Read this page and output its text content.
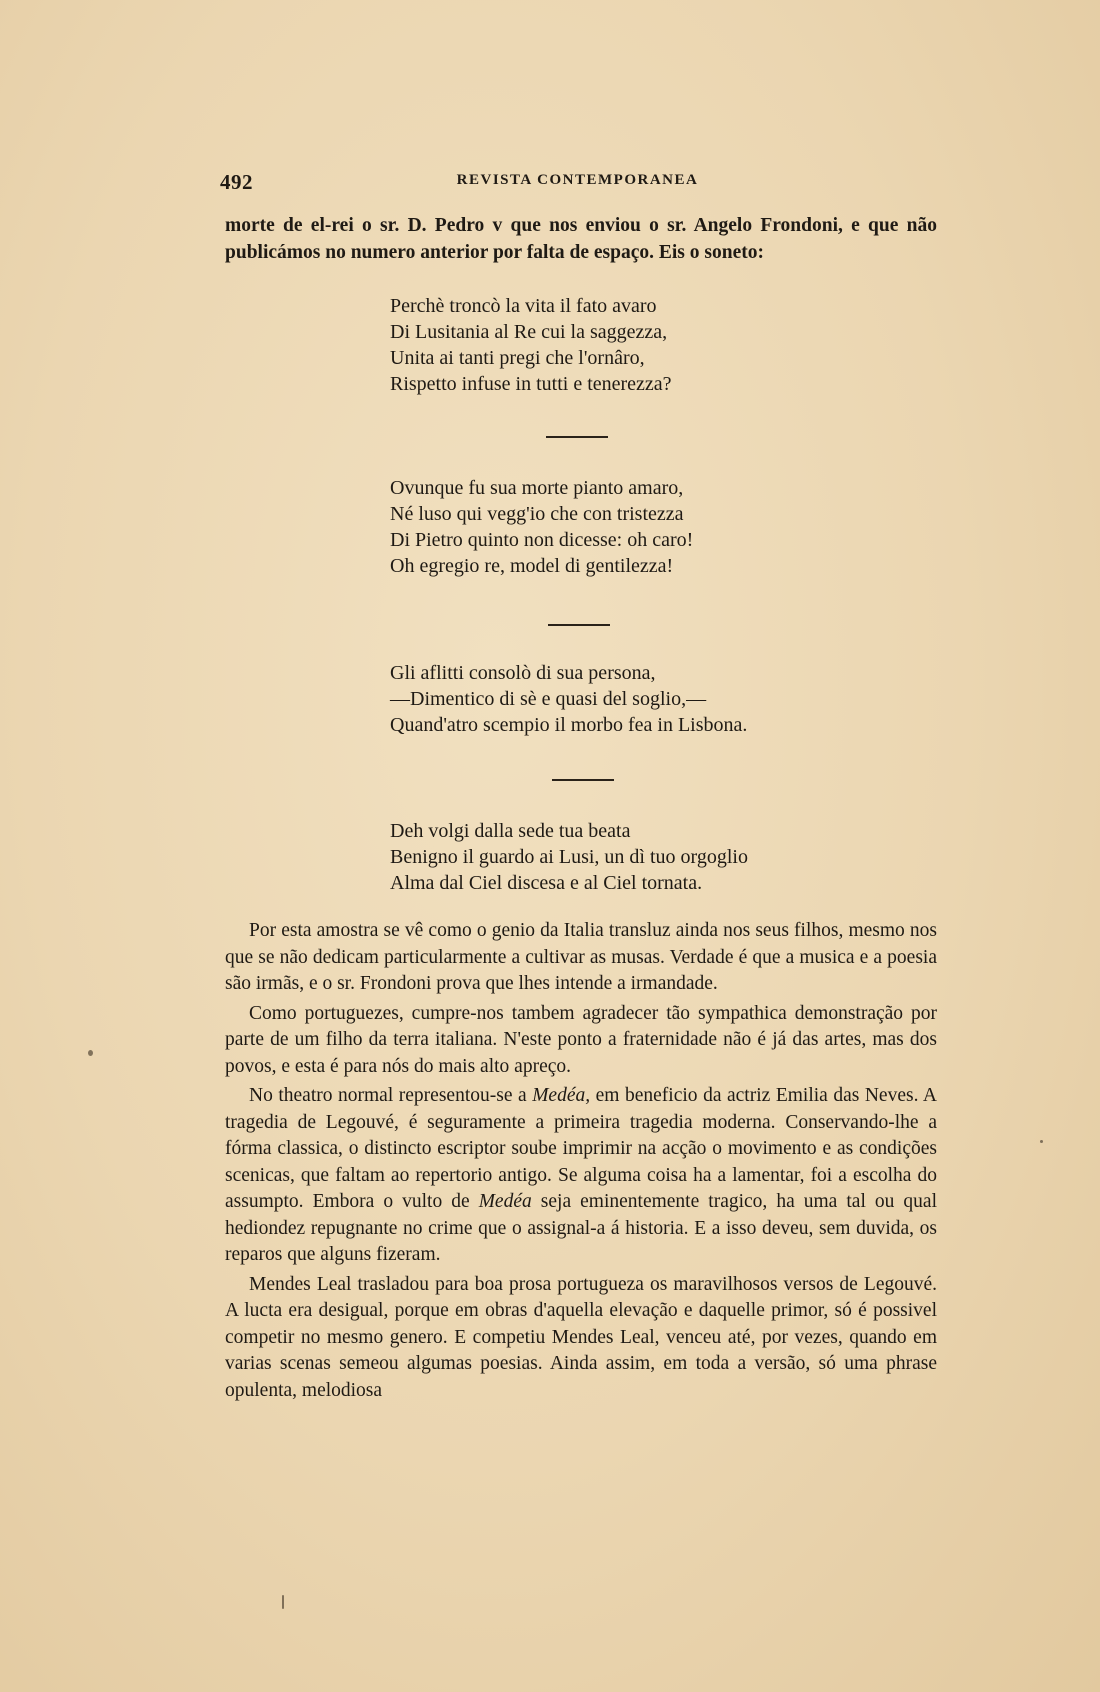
492	REVISTA CONTEMPORANEA

morte de el-rei o sr. D. Pedro v que nos enviou o sr. Angelo Frondoni, e que não publicámos no numero anterior por falta de espaço. Eis o soneto:

Perchè troncò la vita il fato avaro
Di Lusitania al Re cui la saggezza,
Unita ai tanti pregi che l'ornâro,
Rispetto infuse in tutti e tenerezza?
Ovunque fu sua morte pianto amaro,
Né luso qui vegg'io che con tristezza
Di Pietro quinto non dicesse: oh caro!
Oh egregio re, model di gentilezza!
Gli aflitti consolò di sua persona,
—Dimentico di sè e quasi del soglio,—
Quand'atro scempio il morbo fea in Lisbona.
Deh volgi dalla sede tua beata
Benigno il guardo ai Lusi, un dì tuo orgoglio
Alma dal Ciel discesa e al Ciel tornata.

Por esta amostra se vê como o genio da Italia transluz ainda nos seus filhos, mesmo nos que se não dedicam particularmente a cultivar as musas. Verdade é que a musica e a poesia são irmãs, e o sr. Frondoni prova que lhes intende a irmandade.

Como portuguezes, cumpre-nos tambem agradecer tão sympathica demonstração por parte de um filho da terra italiana. N'este ponto a fraternidade não é já das artes, mas dos povos, e esta é para nós do mais alto apreço.

No theatro normal representou-se a Medéa, em beneficio da actriz Emilia das Neves. A tragedia de Legouvé, é seguramente a primeira tragedia moderna. Conservando-lhe a fórma classica, o distincto escriptor soube imprimir na acção o movimento e as condições scenicas, que faltam ao repertorio antigo. Se alguma coisa ha a lamentar, foi a escolha do assumpto. Embora o vulto de Medéa seja eminentemente tragico, ha uma tal ou qual hediondez repugnante no crime que o assignal-a á historia. E a isso deveu, sem duvida, os reparos que alguns fizeram.

Mendes Leal trasladou para boa prosa portugueza os maravilhosos versos de Legouvé. A lucta era desigual, porque em obras d'aquella elevação e daquelle primor, só é possivel competir no mesmo genero. E competiu Mendes Leal, venceu até, por vezes, quando em varias scenas semeou algumas poesias. Ainda assim, em toda a versão, só uma phrase opulenta, melodiosa
